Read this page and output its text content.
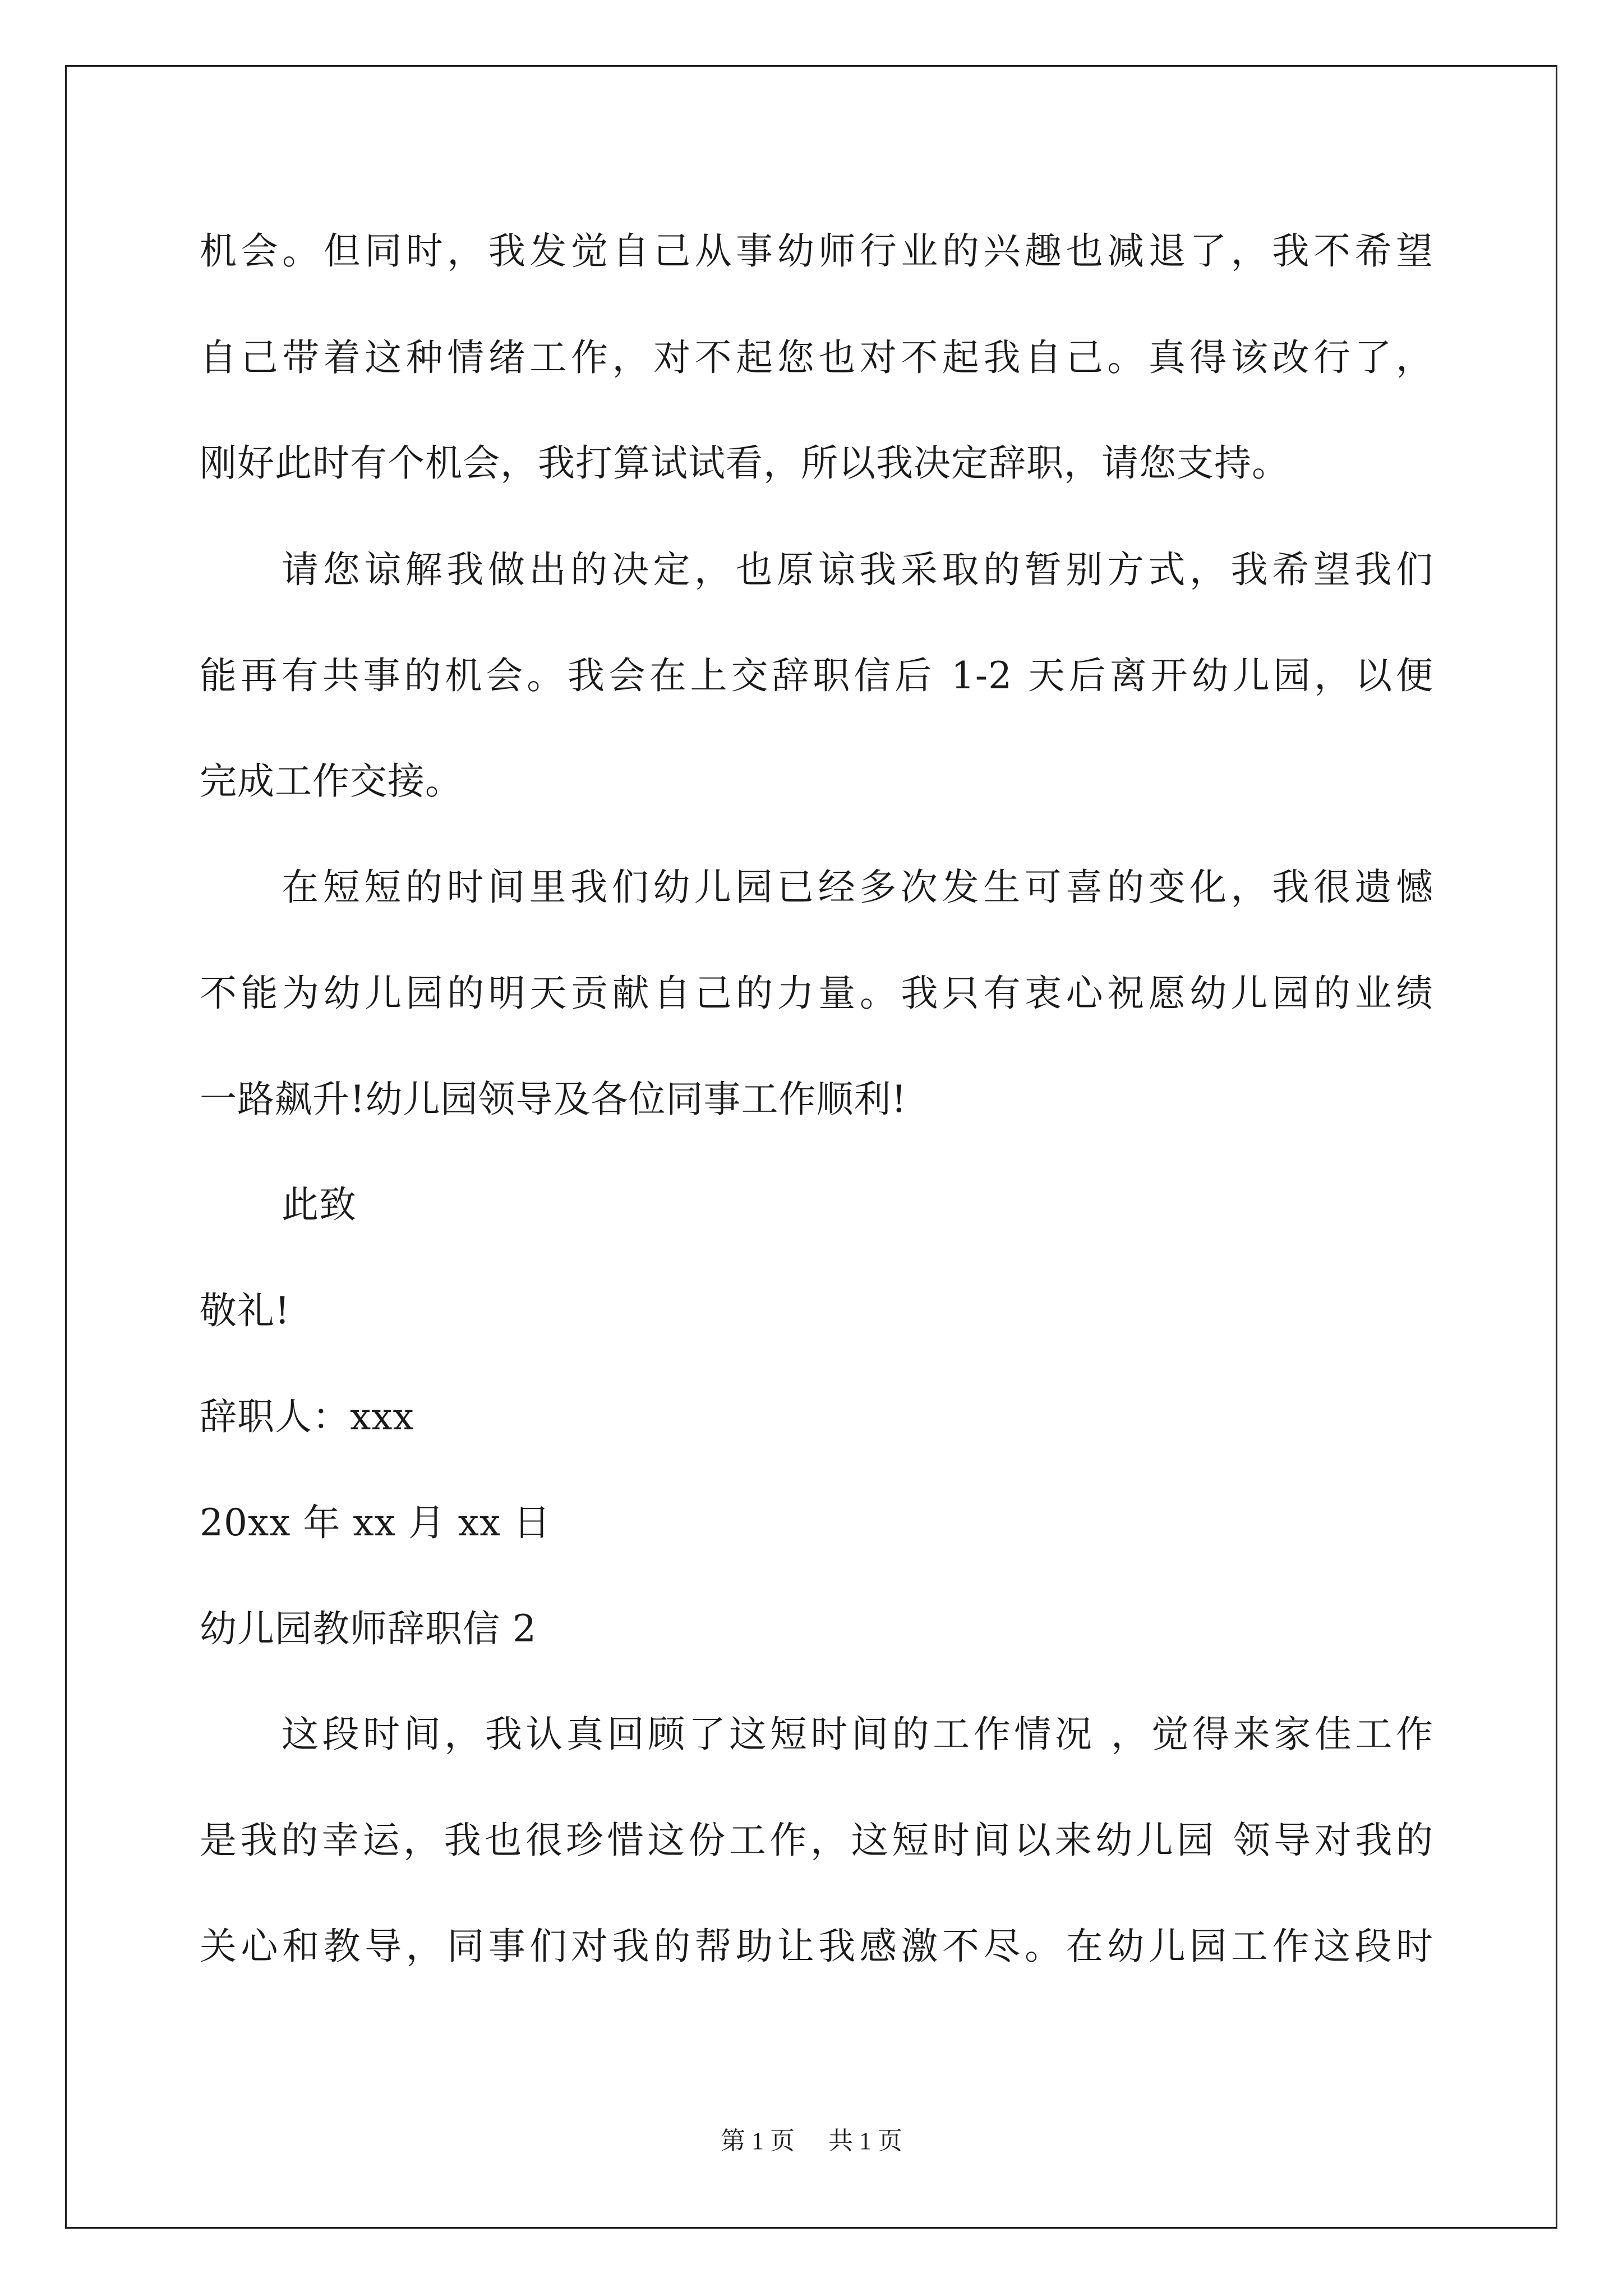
机会。但同时，我发觉自己从事幼师行业的兴趣也减退了，我不希望
自己带着这种情绪工作，对不起您也对不起我自己。真得该改行了，
刚好此时有个机会，我打算试试看，所以我决定辞职，请您支持。
请您谅解我做出的决定，也原谅我采取的暂别方式，我希望我们
能再有共事的机会。我会在上交辞职信后 1-2 天后离开幼儿园，以便
完成工作交接。
在短短的时间里我们幼儿园已经多次发生可喜的变化，我很遗憾
不能为幼儿园的明天贡献自己的力量。我只有衷心祝愿幼儿园的业绩
一路飙升!幼儿园领导及各位同事工作顺利!
此致
敬礼!
辞职人：xxx
20xx 年 xx 月 xx 日
幼儿园教师辞职信 2
这段时间，我认真回顾了这短时间的工作情况 ，觉得来家佳工作
是我的幸运，我也很珍惜这份工作，这短时间以来幼儿园 领导对我的
关心和教导，同事们对我的帮助让我感激不尽。在幼儿园工作这段时
第 1 页 共 1 页
